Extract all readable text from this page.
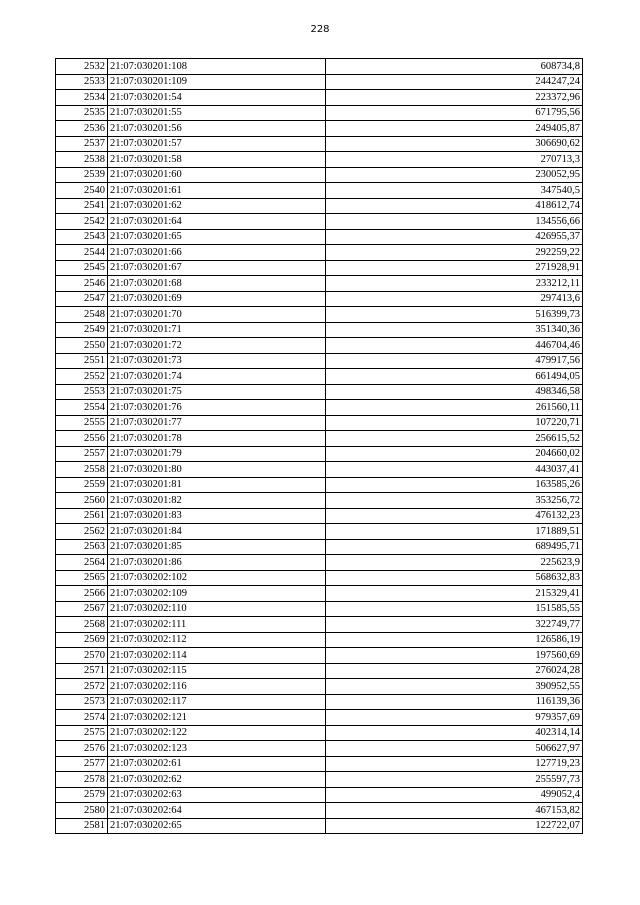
228
2532	21:07:030201:108	608734,8
2533	21:07:030201:109	244247,24
2534	21:07:030201:54	223372,96
2535	21:07:030201:55	671795,56
2536	21:07:030201:56	249405,87
2537	21:07:030201:57	306690,62
2538	21:07:030201:58	270713,3
2539	21:07:030201:60	230052,95
2540	21:07:030201:61	347540,5
2541	21:07:030201:62	418612,74
2542	21:07:030201:64	134556,66
2543	21:07:030201:65	426955,37
2544	21:07:030201:66	292259,22
2545	21:07:030201:67	271928,91
2546	21:07:030201:68	233212,11
2547	21:07:030201:69	297413,6
2548	21:07:030201:70	516399,73
2549	21:07:030201:71	351340,36
2550	21:07:030201:72	446704,46
2551	21:07:030201:73	479917,56
2552	21:07:030201:74	661494,05
2553	21:07:030201:75	498346,58
2554	21:07:030201:76	261560,11
2555	21:07:030201:77	107220,71
2556	21:07:030201:78	256615,52
2557	21:07:030201:79	204660,02
2558	21:07:030201:80	443037,41
2559	21:07:030201:81	163585,26
2560	21:07:030201:82	353256,72
2561	21:07:030201:83	476132,23
2562	21:07:030201:84	171889,51
2563	21:07:030201:85	689495,71
2564	21:07:030201:86	225623,9
2565	21:07:030202:102	568632,83
2566	21:07:030202:109	215329,41
2567	21:07:030202:110	151585,55
2568	21:07:030202:111	322749,77
2569	21:07:030202:112	126586,19
2570	21:07:030202:114	197560,69
2571	21:07:030202:115	276024,28
2572	21:07:030202:116	390952,55
2573	21:07:030202:117	116139,36
2574	21:07:030202:121	979357,69
2575	21:07:030202:122	402314,14
2576	21:07:030202:123	506627,97
2577	21:07:030202:61	127719,23
2578	21:07:030202:62	255597,73
2579	21:07:030202:63	499052,4
2580	21:07:030202:64	467153,82
2581	21:07:030202:65	122722,07
